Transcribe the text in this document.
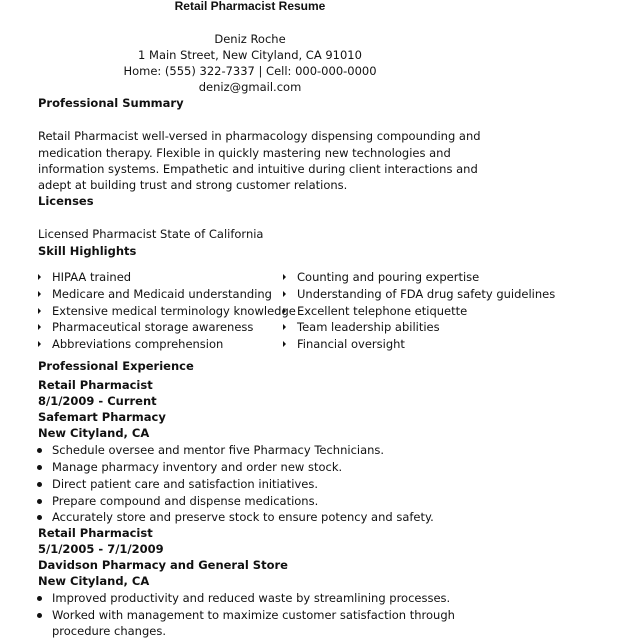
Retail Pharmacist Resume
Deniz Roche
1 Main Street, New Cityland, CA 91010
Home: (555) 322-7337 | Cell: 000-000-0000
deniz@gmail.com
Professional Summary
Retail Pharmacist well-versed in pharmacology dispensing compounding and
medication therapy. Flexible in quickly mastering new technologies and
information systems. Empathetic and intuitive during client interactions and
adept at building trust and strong customer relations.
Licenses
Licensed Pharmacist State of California
Skill Highlights
HIPAA trained
Medicare and Medicaid understanding
Extensive medical terminology knowledge
Pharmaceutical storage awareness
Abbreviations comprehension
Counting and pouring expertise
Understanding of FDA drug safety guidelines
Excellent telephone etiquette
Team leadership abilities
Financial oversight
Professional Experience
Retail Pharmacist
8/1/2009 - Current
Safemart Pharmacy
New Cityland, CA
Schedule oversee and mentor five Pharmacy Technicians.
Manage pharmacy inventory and order new stock.
Direct patient care and satisfaction initiatives.
Prepare compound and dispense medications.
Accurately store and preserve stock to ensure potency and safety.
Retail Pharmacist
5/1/2005 - 7/1/2009
Davidson Pharmacy and General Store
New Cityland, CA
Improved productivity and reduced waste by streamlining processes.
Worked with management to maximize customer satisfaction through
procedure changes.
